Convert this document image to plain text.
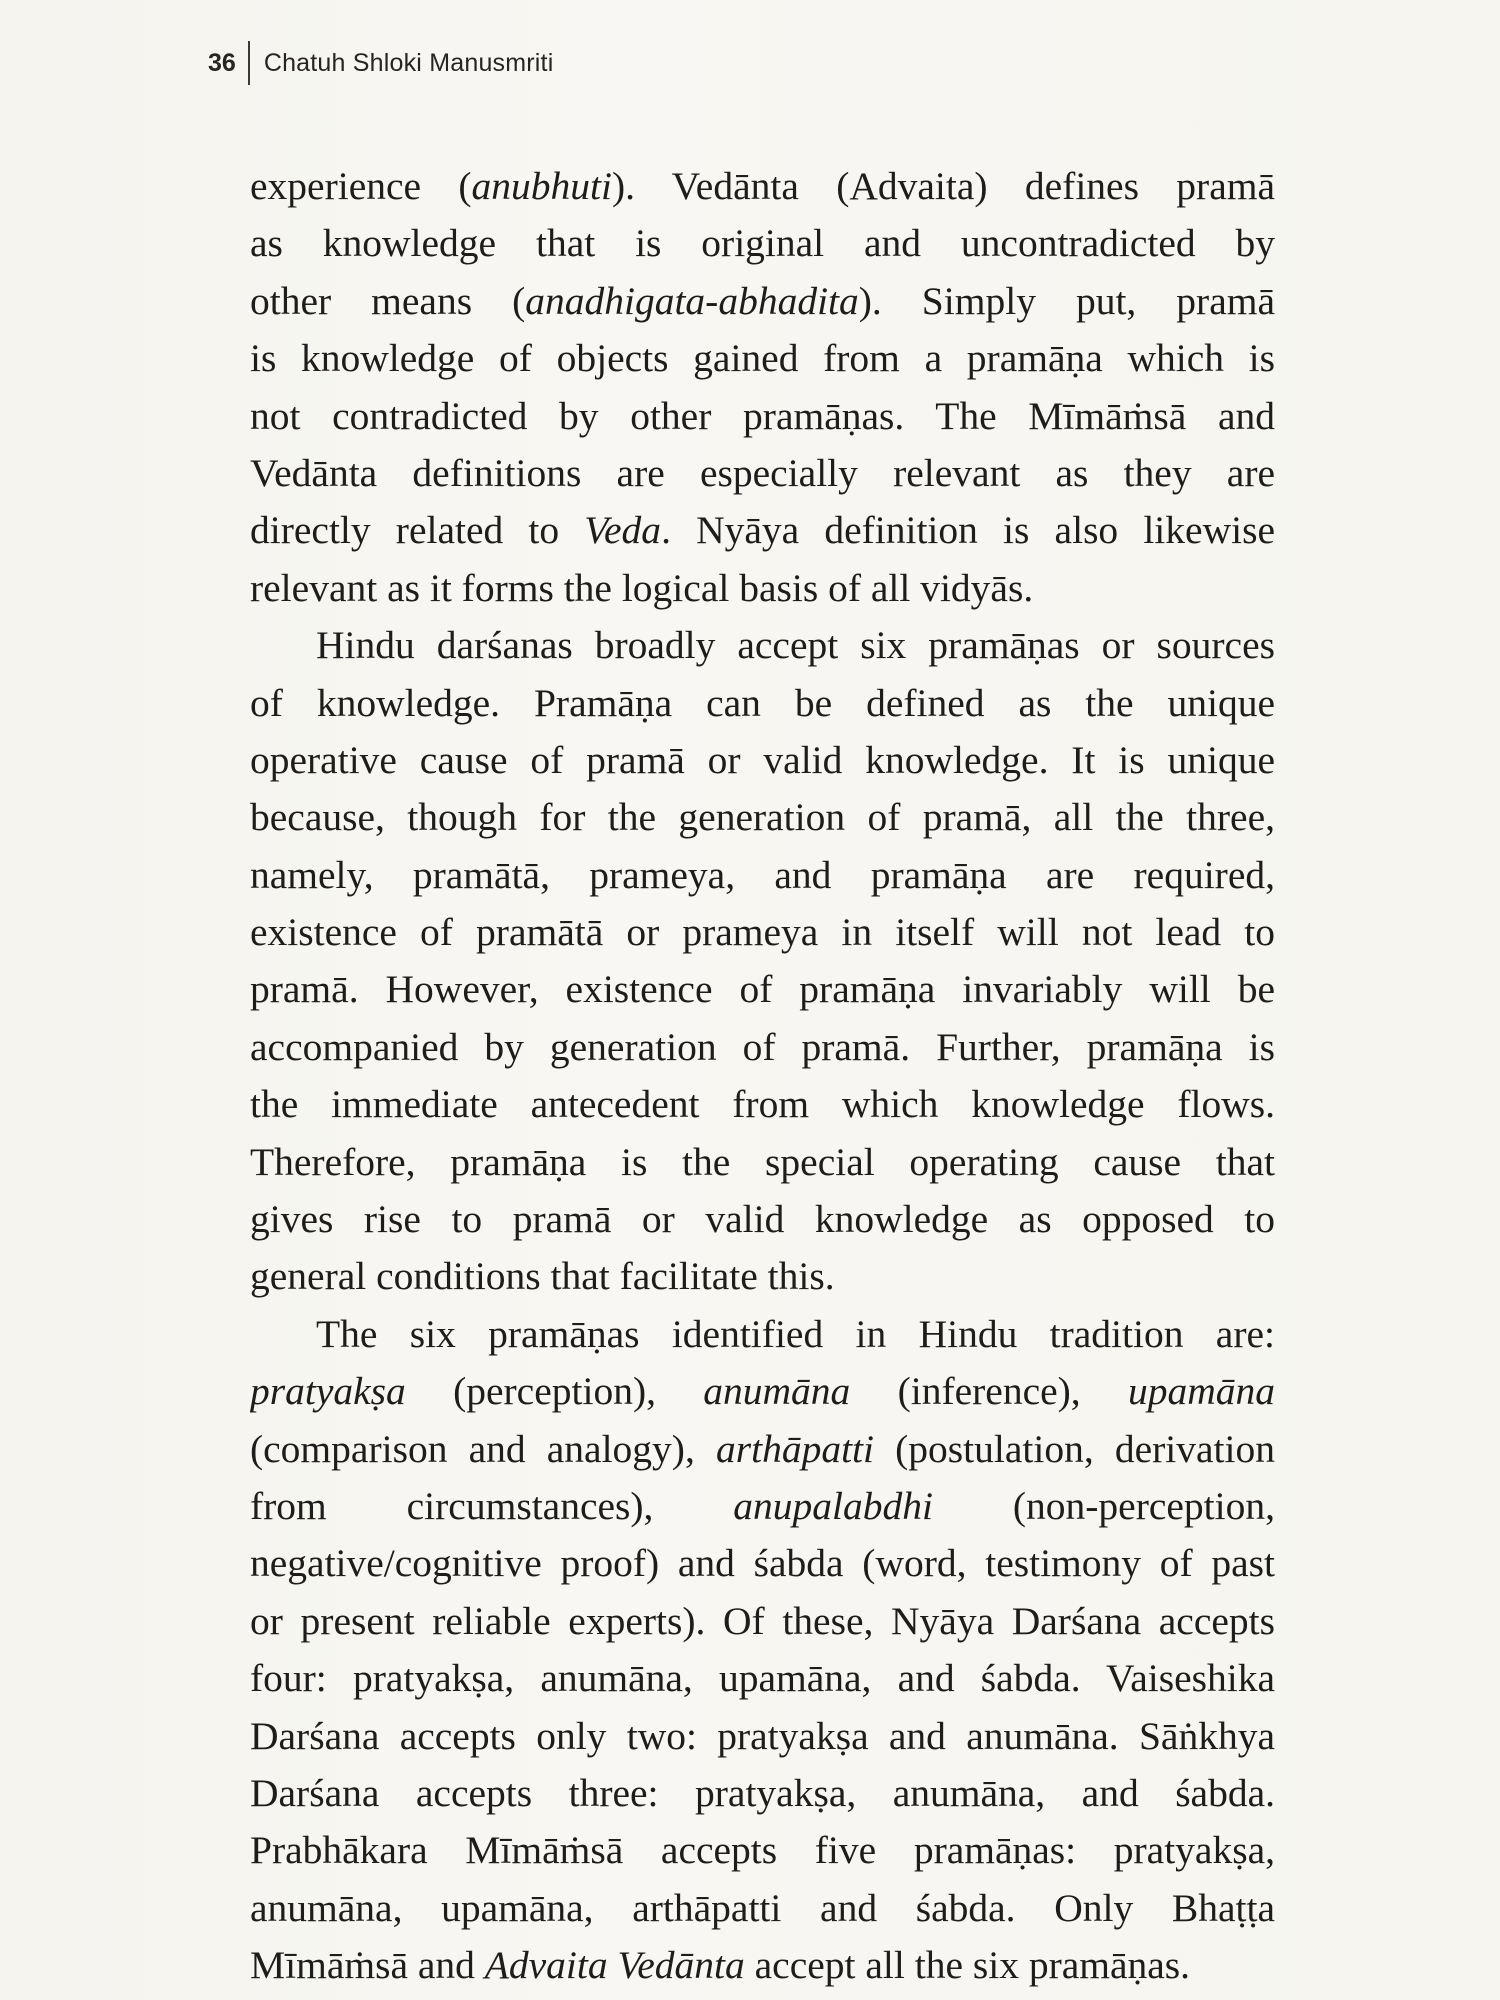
36 Chatuh Shloki Manusmriti
experience (anubhuti). Vedānta (Advaita) defines pramā
as knowledge that is original and uncontradicted by
other means (anadhigata-abhadita). Simply put, pramā
is knowledge of objects gained from a pramāṇa which is
not contradicted by other pramāṇas. The Mīmāṁsā and
Vedānta definitions are especially relevant as they are
directly related to Veda. Nyāya definition is also likewise
relevant as it forms the logical basis of all vidyās.
Hindu darśanas broadly accept six pramāṇas or sources
of knowledge. Pramāṇa can be defined as the unique
operative cause of pramā or valid knowledge. It is unique
because, though for the generation of pramā, all the three,
namely, pramātā, prameya, and pramāṇa are required,
existence of pramātā or prameya in itself will not lead to
pramā. However, existence of pramāṇa invariably will be
accompanied by generation of pramā. Further, pramāṇa is
the immediate antecedent from which knowledge flows.
Therefore, pramāṇa is the special operating cause that
gives rise to pramā or valid knowledge as opposed to
general conditions that facilitate this.
The six pramāṇas identified in Hindu tradition are:
pratyakṣa (perception), anumāna (inference), upamāna
(comparison and analogy), arthāpatti (postulation, derivation
from circumstances), anupalabdhi (non-perception,
negative/cognitive proof) and śabda (word, testimony of past
or present reliable experts). Of these, Nyāya Darśana accepts
four: pratyakṣa, anumāna, upamāna, and śabda. Vaiseshika
Darśana accepts only two: pratyakṣa and anumāna. Sāṅkhya
Darśana accepts three: pratyakṣa, anumāna, and śabda.
Prabhākara Mīmāṁsā accepts five pramāṇas: pratyakṣa,
anumāna, upamāna, arthāpatti and śabda. Only Bhaṭṭa
Mīmāṁsā and Advaita Vedānta accept all the six pramāṇas.
